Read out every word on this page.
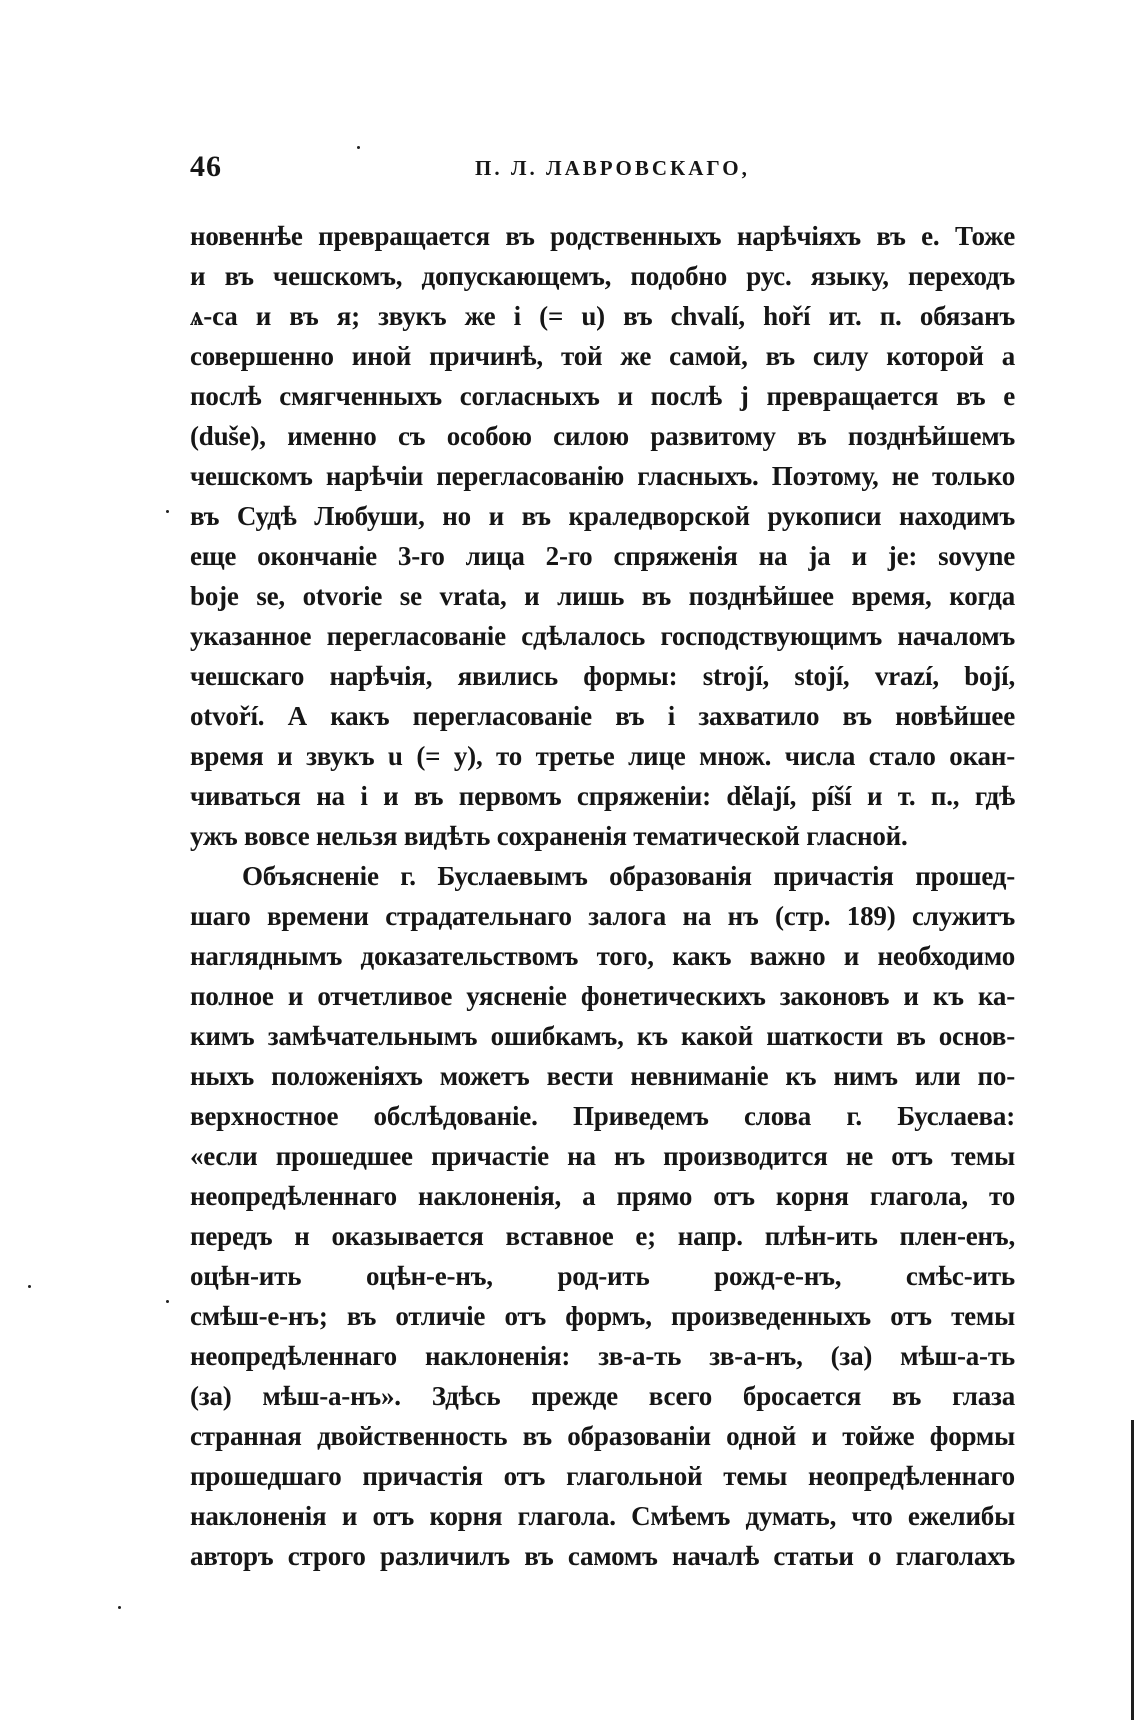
46	П. Л. ЛАВРОВСКАГО,
новеннѣе превращается въ родственныхъ нарѣчіяхъ въ е. Тоже
и въ чешскомъ, допускающемъ, подобно рус. языку, переходъ
ѧ-са и въ я; звукъ же і (= u) въ chvalí, hoří ит. п. обязанъ
совершенно иной причинѣ, той же самой, въ силу которой a
послѣ смягченныхъ согласныхъ и послѣ j превращается въ e
(duše), именно съ особою силою развитому въ позднѣйшемъ
чешскомъ нарѣчіи перегласованію гласныхъ. Поэтому, не только
въ Судѣ Любуши, но и въ краледворской рукописи находимъ
еще окончаніе 3-го лица 2-го спряженія на ja и je: sovyne
boje se, otvorie se vrata, и лишь въ позднѣйшее время, когда
указанное перегласованіе сдѣлалось господствующимъ началомъ
чешскаго нарѣчія, явились формы: strojí, stojí, vrazí, bojí,
otvoří. А какъ перегласованіе въ і захватило въ новѣйшее
время и звукъ u (= y), то третье лице множ. числа стало окан-
чиваться на і и въ первомъ спряженіи: dělají, píší и т. п., гдѣ
ужъ вовсе нельзя видѣть сохраненія тематической гласной.
Объясненіе г. Буслаевымъ образованія причастія прошед-
шаго времени страдательнаго залога на нъ (стр. 189) служитъ
нагляднымъ доказательствомъ того, какъ важно и необходимо
полное и отчетливое уясненіе фонетическихъ законовъ и къ ка-
кимъ замѣчательнымъ ошибкамъ, къ какой шаткости въ основ-
ныхъ положеніяхъ можетъ вести невниманіе къ нимъ или по-
верхностное обслѣдованіе. Приведемъ слова г. Буслаева:
«если прошедшее причастіе на нъ производится не отъ темы
неопредѣленнаго наклоненія, а прямо отъ корня глагола, то
передъ н оказывается вставное е; напр. плѣн-ить плен-енъ,
оцѣн-ить оцѣн-е-нъ, род-ить рожд-е-нъ, смѣс-ить
смѣш-е-нъ; въ отличіе отъ формъ, произведенныхъ отъ темы
неопредѣленнаго наклоненія: зв-а-ть зв-а-нъ, (за) мѣш-а-ть
(за) мѣш-а-нъ». Здѣсь прежде всего бросается въ глаза
странная двойственность въ образованіи одной и тойже формы
прошедшаго причастія отъ глагольной темы неопредѣленнаго
наклоненія и отъ корня глагола. Смѣемъ думать, что ежелибы
авторъ строго различилъ въ самомъ началѣ статьи о глаголахъ
